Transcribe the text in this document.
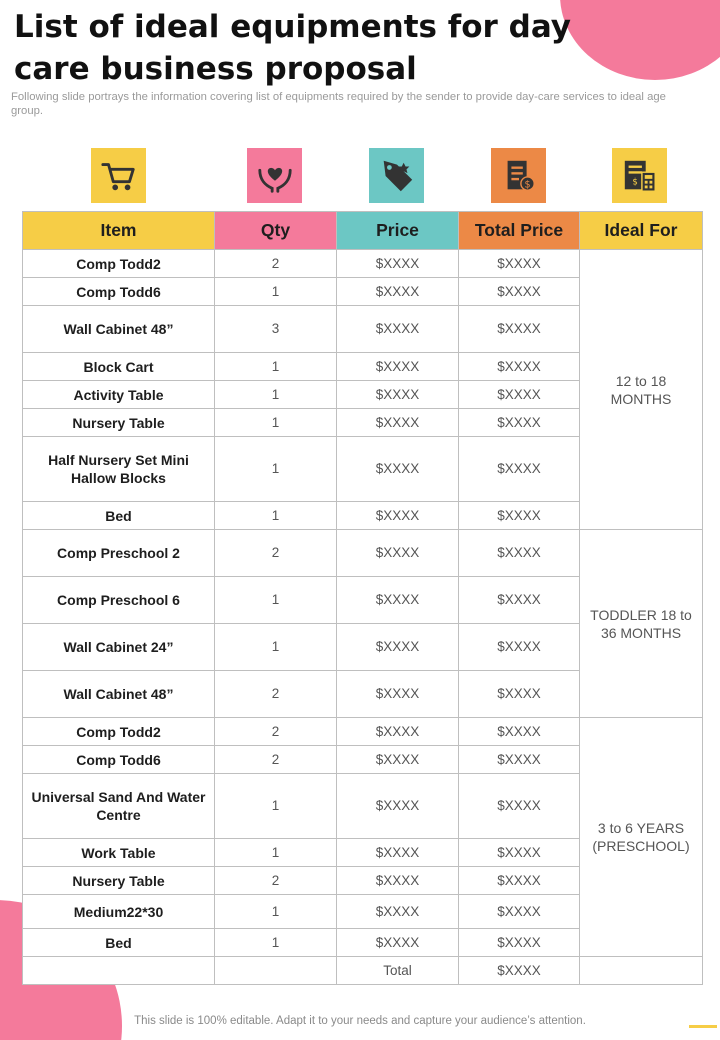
List of ideal equipments for day care business proposal

Following slide portrays the information covering list of equipments required by the sender to provide day-care services to ideal age group.

$	$
Item	Qty	Price	Total Price	Ideal For
Comp Todd2	2	$XXXX	$XXXX	12 to 18 MONTHS
Comp Todd6	1	$XXXX	$XXXX	
Wall Cabinet 48”	3	$XXXX	$XXXX	
Block Cart	1	$XXXX	$XXXX	
Activity Table	1	$XXXX	$XXXX	
Nursery Table	1	$XXXX	$XXXX	
Half Nursery Set Mini Hallow Blocks	1	$XXXX	$XXXX	
Bed	1	$XXXX	$XXXX	
Comp Preschool 2	2	$XXXX	$XXXX	TODDLER 18 to 36 MONTHS
Comp Preschool 6	1	$XXXX	$XXXX	
Wall Cabinet 24”	1	$XXXX	$XXXX	
Wall Cabinet 48”	2	$XXXX	$XXXX	
Comp Todd2	2	$XXXX	$XXXX	3 to 6 YEARS (PRESCHOOL)
Comp Todd6	2	$XXXX	$XXXX	
Universal Sand And Water Centre	1	$XXXX	$XXXX	
Work Table	1	$XXXX	$XXXX	
Nursery Table	2	$XXXX	$XXXX	
Medium22*30	1	$XXXX	$XXXX	
Bed	1	$XXXX	$XXXX	
		Total	$XXXX	
This slide is 100% editable. Adapt it to your needs and capture your audience’s attention.
